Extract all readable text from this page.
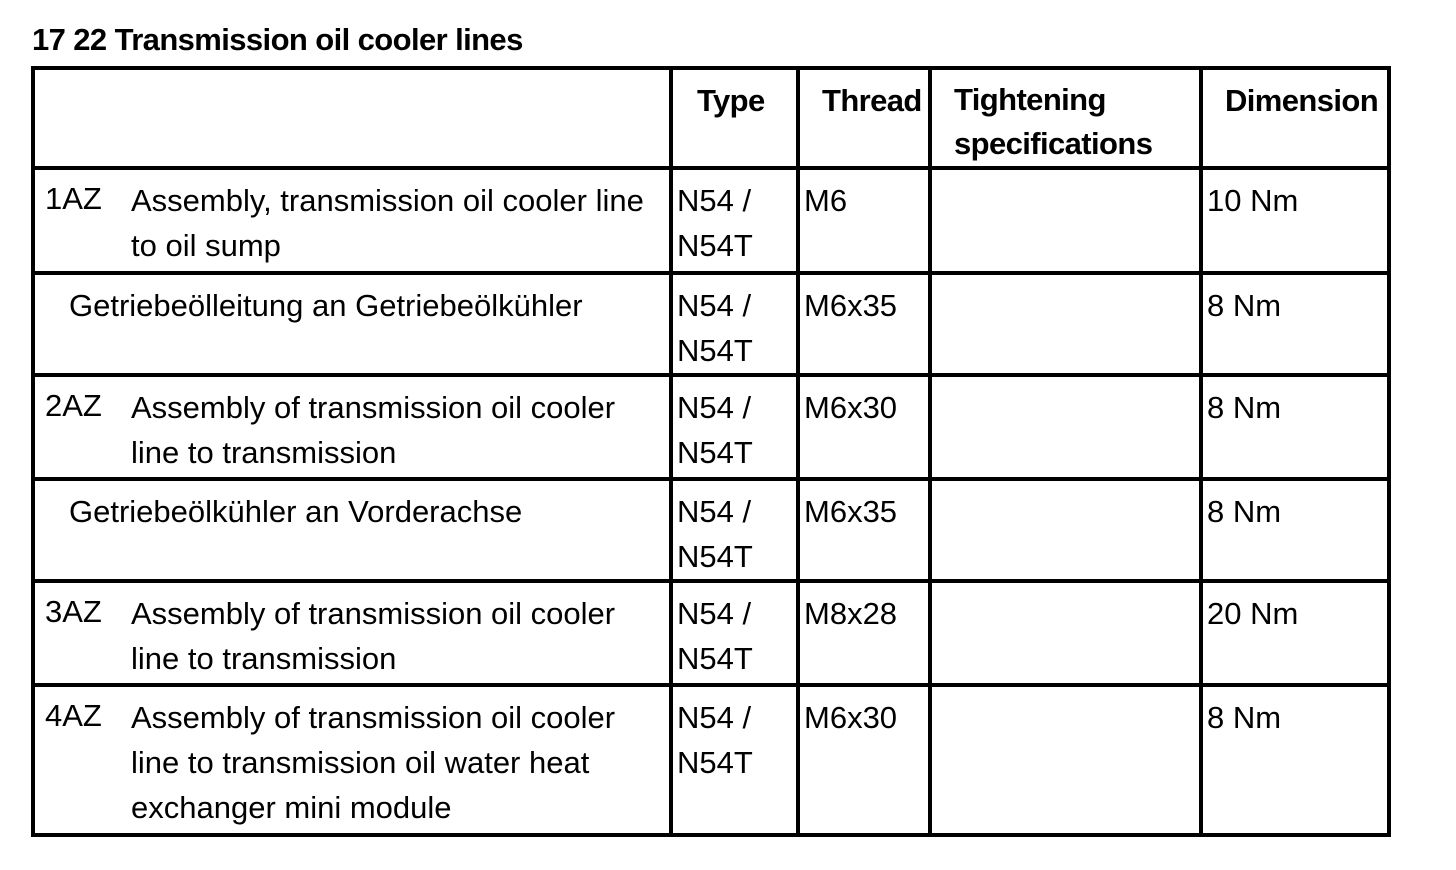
17 22 Transmission oil cooler lines
	Type	Thread	Tightening specifications	Dimension

1AZ Assembly, transmission oil cooler line to oil sump	N54 / N54T	M6		10 Nm

Getriebeölleitung an Getriebeölkühler	N54 / N54T	M6x35		8 Nm

2AZ Assembly of transmission oil cooler line to transmission	N54 / N54T	M6x30		8 Nm

Getriebeölkühler an Vorderachse	N54 / N54T	M6x35		8 Nm

3AZ Assembly of transmission oil cooler line to transmission	N54 / N54T	M8x28		20 Nm

4AZ Assembly of transmission oil cooler line to transmission oil water heat exchanger mini module	N54 / N54T	M6x30		8 Nm
